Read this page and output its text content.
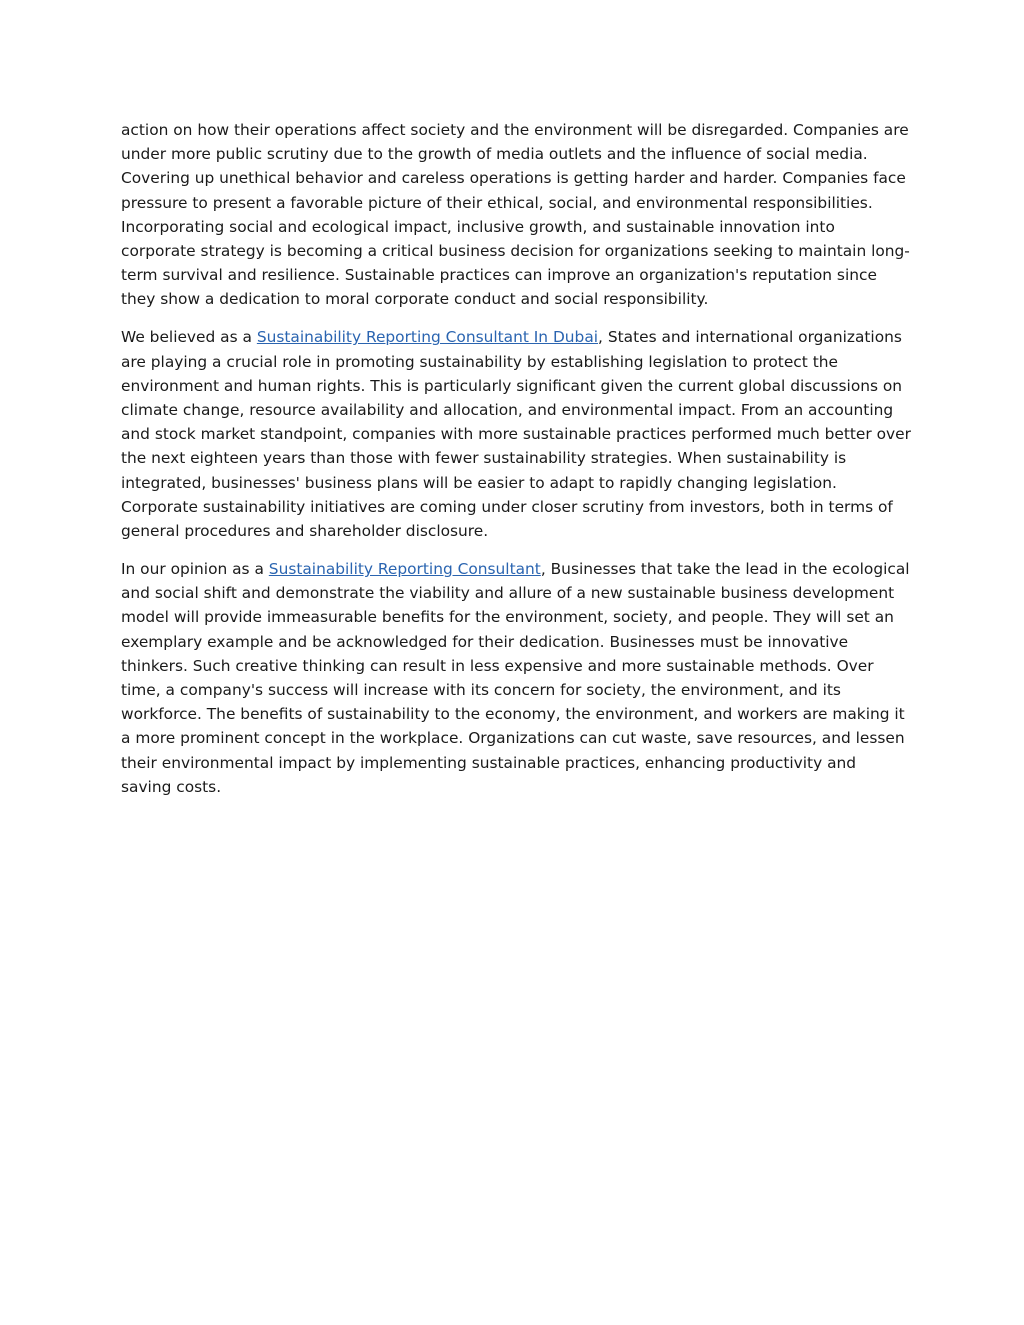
action on how their operations affect society and the environment will be disregarded. Companies are under more public scrutiny due to the growth of media outlets and the influence of social media. Covering up unethical behavior and careless operations is getting harder and harder. Companies face pressure to present a favorable picture of their ethical, social, and environmental responsibilities. Incorporating social and ecological impact, inclusive growth, and sustainable innovation into corporate strategy is becoming a critical business decision for organizations seeking to maintain long-term survival and resilience. Sustainable practices can improve an organization's reputation since they show a dedication to moral corporate conduct and social responsibility.

We believed as a Sustainability Reporting Consultant In Dubai, States and international organizations are playing a crucial role in promoting sustainability by establishing legislation to protect the environment and human rights. This is particularly significant given the current global discussions on climate change, resource availability and allocation, and environmental impact. From an accounting and stock market standpoint, companies with more sustainable practices performed much better over the next eighteen years than those with fewer sustainability strategies. When sustainability is integrated, businesses' business plans will be easier to adapt to rapidly changing legislation. Corporate sustainability initiatives are coming under closer scrutiny from investors, both in terms of general procedures and shareholder disclosure.

In our opinion as a Sustainability Reporting Consultant, Businesses that take the lead in the ecological and social shift and demonstrate the viability and allure of a new sustainable business development model will provide immeasurable benefits for the environment, society, and people. They will set an exemplary example and be acknowledged for their dedication. Businesses must be innovative thinkers. Such creative thinking can result in less expensive and more sustainable methods. Over time, a company's success will increase with its concern for society, the environment, and its workforce. The benefits of sustainability to the economy, the environment, and workers are making it a more prominent concept in the workplace. Organizations can cut waste, save resources, and lessen their environmental impact by implementing sustainable practices, enhancing productivity and saving costs.
